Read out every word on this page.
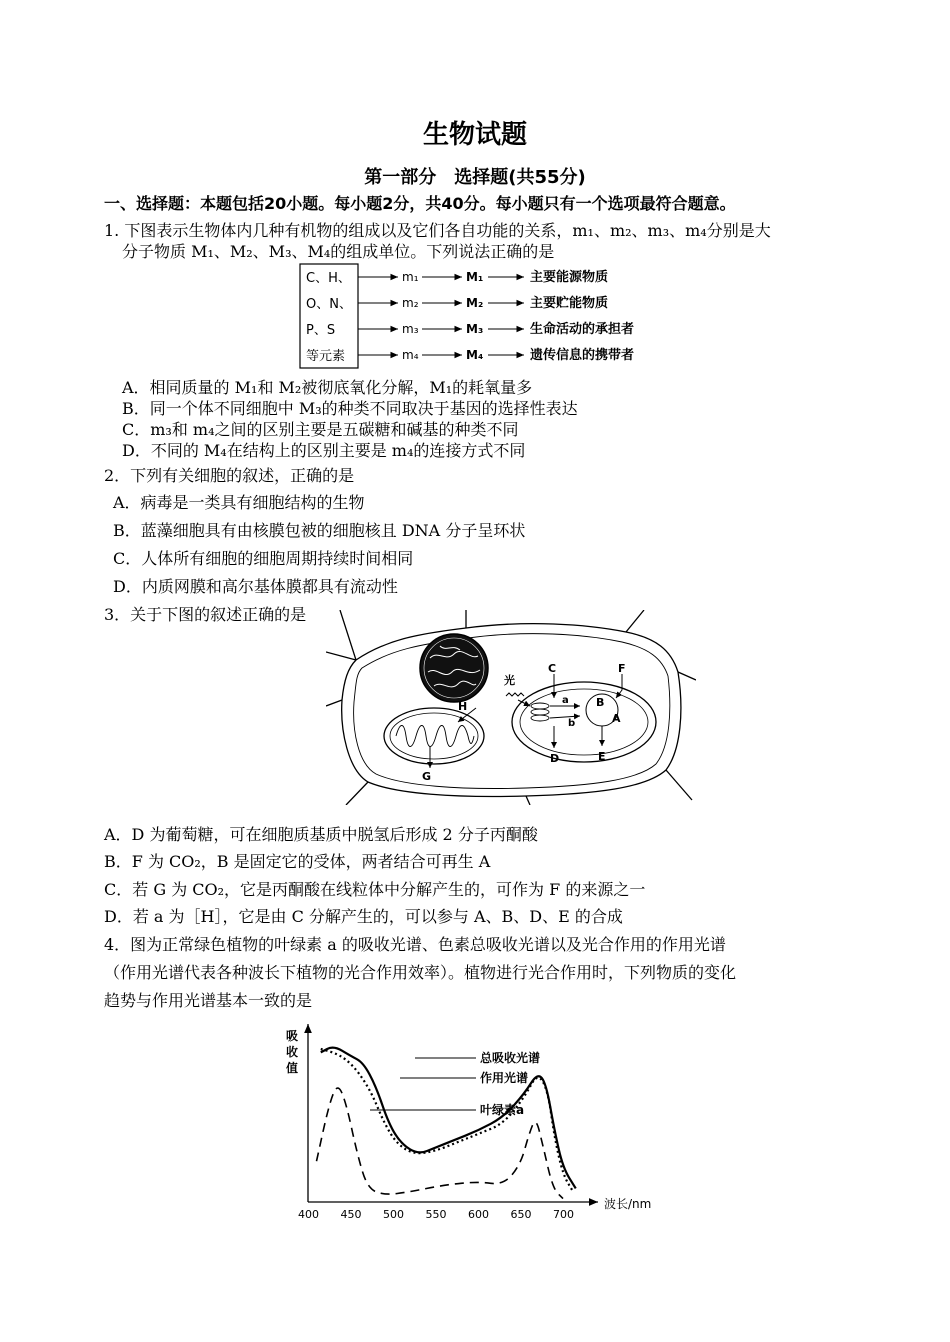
生物试题
第一部分　选择题(共55分)
一、选择题：本题包括20小题。每小题2分，共40分。每小题只有一个选项最符合题意。
1. 下图表示生物体内几种有机物的组成以及它们各自功能的关系，m₁、m₂、m₃、m₄分别是大
分子物质 M₁、M₂、M₃、M₄的组成单位。下列说法正确的是
C、H、
O、N、
P、S
等元素
m₁
m₂
m₃
m₄
M₁
M₂
M₃
M₄
主要能源物质
主要贮能物质
生命活动的承担者
遗传信息的携带者
A．相同质量的 M₁和 M₂被彻底氧化分解，M₁的耗氧量多
B．同一个体不同细胞中 M₃的种类不同取决于基因的选择性表达
C．m₃和 m₄之间的区别主要是五碳糖和碱基的种类不同
D．不同的 M₄在结构上的区别主要是 m₄的连接方式不同
2．下列有关细胞的叙述，正确的是
A．病毒是一类具有细胞结构的生物
B．蓝藻细胞具有由核膜包被的细胞核且 DNA 分子呈环状
C．人体所有细胞的细胞周期持续时间相同
D．内质网膜和高尔基体膜都具有流动性
3．关于下图的叙述正确的是
光
C	F
a
b
B
A
D	E
H
G
A．D 为葡萄糖，可在细胞质基质中脱氢后形成 2 分子丙酮酸
B．F 为 CO₂，B 是固定它的受体，两者结合可再生 A
C．若 G 为 CO₂，它是丙酮酸在线粒体中分解产生的，可作为 F 的来源之一
D．若 a 为［H］，它是由 C 分解产生的，可以参与 A、B、D、E 的合成
4．图为正常绿色植物的叶绿素 a 的吸收光谱、色素总吸收光谱以及光合作用的作用光谱
（作用光谱代表各种波长下植物的光合作用效率）。植物进行光合作用时，下列物质的变化
趋势与作用光谱基本一致的是
吸
收
值
波长/nm
400 450 500 550 600 650 700
总吸收光谱
作用光谱
叶绿素a
